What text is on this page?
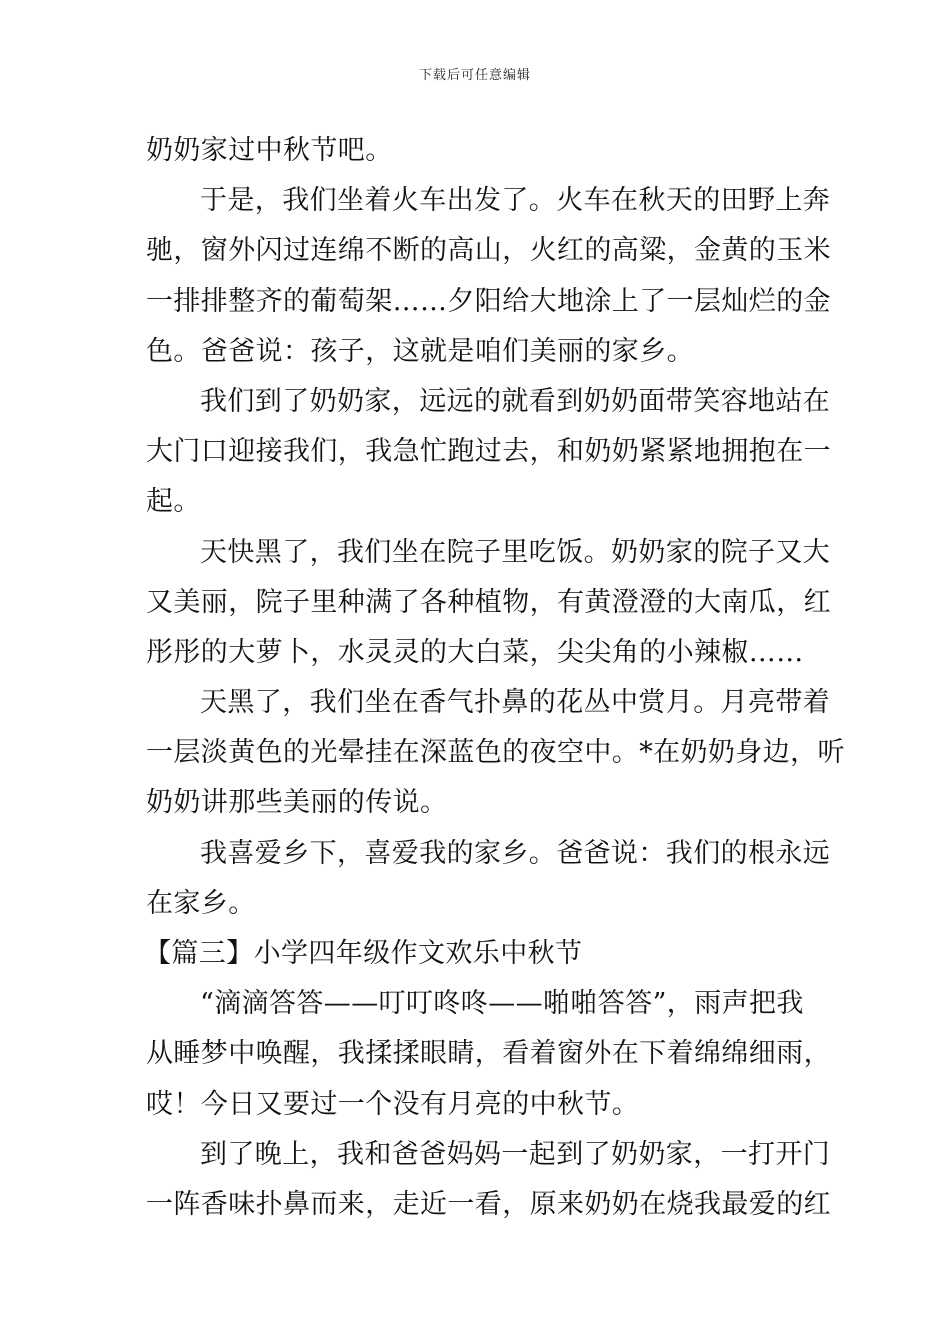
下载后可任意编辑
奶奶家过中秋节吧。
于是，我们坐着火车出发了。火车在秋天的田野上奔
驰，窗外闪过连绵不断的高山，火红的高粱，金黄的玉米
一排排整齐的葡萄架……夕阳给大地涂上了一层灿烂的金
色。爸爸说：孩子，这就是咱们美丽的家乡。
我们到了奶奶家，远远的就看到奶奶面带笑容地站在
大门口迎接我们，我急忙跑过去，和奶奶紧紧地拥抱在一
起。
天快黑了，我们坐在院子里吃饭。奶奶家的院子又大
又美丽，院子里种满了各种植物，有黄澄澄的大南瓜，红
彤彤的大萝卜，水灵灵的大白菜，尖尖角的小辣椒……
天黑了，我们坐在香气扑鼻的花丛中赏月。月亮带着
一层淡黄色的光晕挂在深蓝色的夜空中。*在奶奶身边，听
奶奶讲那些美丽的传说。
我喜爱乡下，喜爱我的家乡。爸爸说：我们的根永远
在家乡。
【篇三】小学四年级作文欢乐中秋节
“滴滴答答——叮叮咚咚——啪啪答答”，雨声把我
从睡梦中唤醒，我揉揉眼睛，看着窗外在下着绵绵细雨，
哎！今日又要过一个没有月亮的中秋节。
到了晚上，我和爸爸妈妈一起到了奶奶家，一打开门
一阵香味扑鼻而来，走近一看，原来奶奶在烧我最爱的红
